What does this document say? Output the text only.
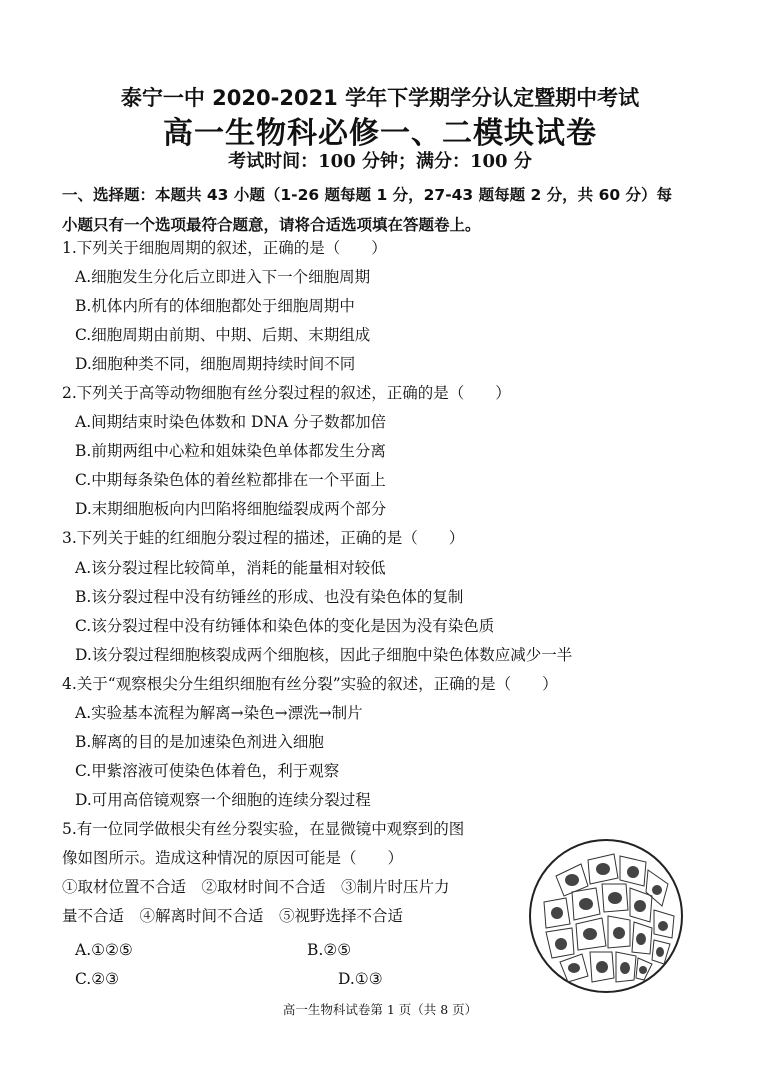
泰宁一中 2020-2021 学年下学期学分认定暨期中考试
高一生物科必修一、二模块试卷
考试时间：100 分钟；满分：100 分
一、选择题：本题共 43 小题（1-26 题每题 1 分，27-43 题每题 2 分，共 60 分）每
小题只有一个选项最符合题意，请将合适选项填在答题卷上。
1.下列关于细胞周期的叙述，正确的是（　　）
A.细胞发生分化后立即进入下一个细胞周期
B.机体内所有的体细胞都处于细胞周期中
C.细胞周期由前期、中期、后期、末期组成
D.细胞种类不同，细胞周期持续时间不同
2.下列关于高等动物细胞有丝分裂过程的叙述，正确的是（　　）
A.间期结束时染色体数和 DNA 分子数都加倍
B.前期两组中心粒和姐妹染色单体都发生分离
C.中期每条染色体的着丝粒都排在一个平面上
D.末期细胞板向内凹陷将细胞缢裂成两个部分
3.下列关于蛙的红细胞分裂过程的描述，正确的是（　　）
A.该分裂过程比较简单，消耗的能量相对较低
B.该分裂过程中没有纺锤丝的形成、也没有染色体的复制
C.该分裂过程中没有纺锤体和染色体的变化是因为没有染色质
D.该分裂过程细胞核裂成两个细胞核，因此子细胞中染色体数应减少一半
4.关于“观察根尖分生组织细胞有丝分裂”实验的叙述，正确的是（　　）
A.实验基本流程为解离→染色→漂洗→制片
B.解离的目的是加速染色剂进入细胞
C.甲紫溶液可使染色体着色，利于观察
D.可用高倍镜观察一个细胞的连续分裂过程
5.有一位同学做根尖有丝分裂实验，在显微镜中观察到的图
像如图所示。造成这种情况的原因可能是（　　）
①取材位置不合适　②取材时间不合适　③制片时压片力
量不合适　④解离时间不合适　⑤视野选择不合适
A.①②⑤	B.②⑤
C.②③	D.①③
高一生物科试卷第 1 页（共 8 页）
